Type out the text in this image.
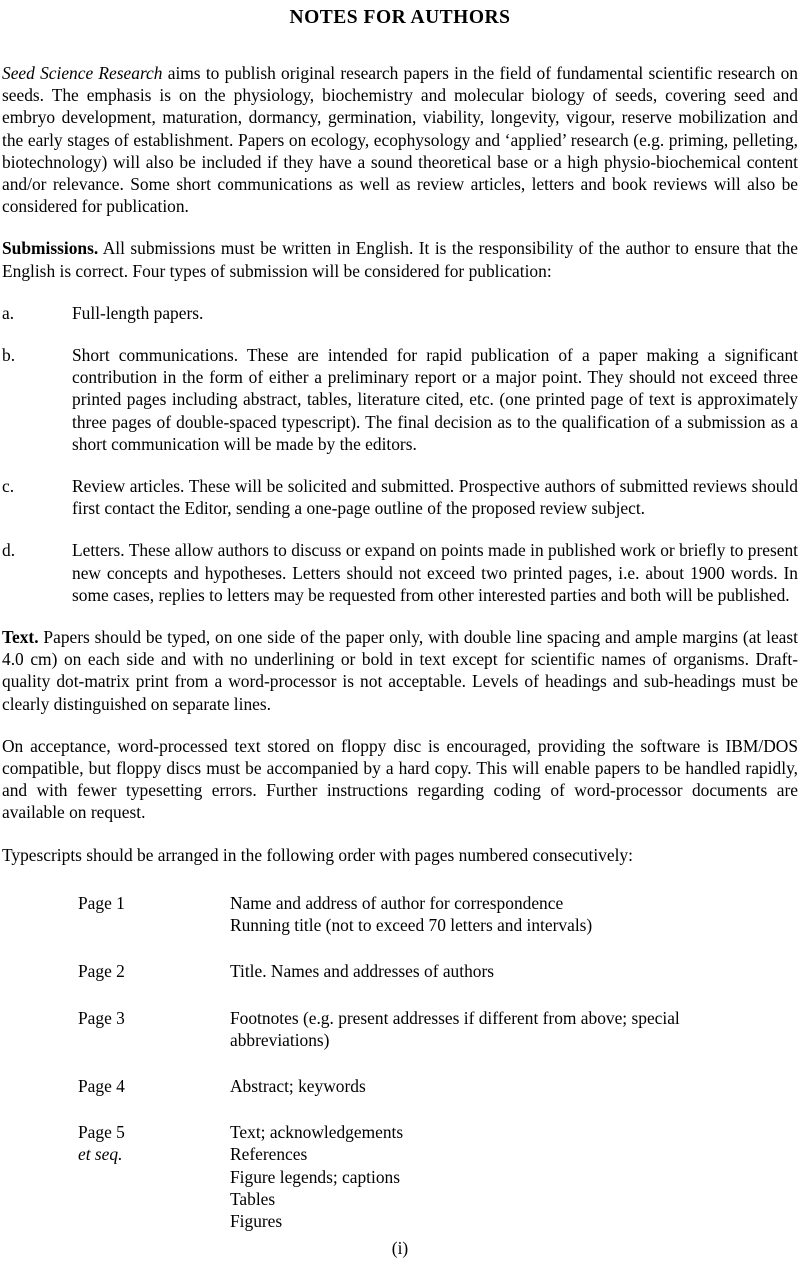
NOTES FOR AUTHORS

Seed Science Research aims to publish original research papers in the field of fundamental scientific research on seeds. The emphasis is on the physiology, biochemistry and molecular biology of seeds, covering seed and embryo development, maturation, dormancy, germination, viability, longevity, vigour, reserve mobilization and the early stages of establishment. Papers on ecology, ecophysology and ‘applied’ research (e.g. priming, pelleting, biotechnology) will also be included if they have a sound theoretical base or a high physio-biochemical content and/or relevance. Some short communications as well as review articles, letters and book reviews will also be considered for publication.

Submissions. All submissions must be written in English. It is the responsibility of the author to ensure that the English is correct. Four types of submission will be considered for publication:

a.	Full-length papers.
b.	Short communications. These are intended for rapid publication of a paper making a significant contribution in the form of either a preliminary report or a major point. They should not exceed three printed pages including abstract, tables, literature cited, etc. (one printed page of text is approximately three pages of double-spaced typescript). The final decision as to the qualification of a submission as a short communication will be made by the editors.
c.	Review articles. These will be solicited and submitted. Prospective authors of submitted reviews should first contact the Editor, sending a one-page outline of the proposed review subject.
d.	Letters. These allow authors to discuss or expand on points made in published work or briefly to present new concepts and hypotheses. Letters should not exceed two printed pages, i.e. about 1900 words. In some cases, replies to letters may be requested from other interested parties and both will be published.

Text. Papers should be typed, on one side of the paper only, with double line spacing and ample margins (at least 4.0 cm) on each side and with no underlining or bold in text except for scientific names of organisms. Draft-quality dot-matrix print from a word-processor is not acceptable. Levels of headings and sub-headings must be clearly distinguished on separate lines.

On acceptance, word-processed text stored on floppy disc is encouraged, providing the software is IBM/DOS compatible, but floppy discs must be accompanied by a hard copy. This will enable papers to be handled rapidly, and with fewer typesetting errors. Further instructions regarding coding of word-processor documents are available on request.

Typescripts should be arranged in the following order with pages numbered consecutively:

Page 1	Name and address of author for correspondence
Running title (not to exceed 70 letters and intervals)

Page 2	Title. Names and addresses of authors

Page 3	Footnotes (e.g. present addresses if different from above; special abbreviations)

Page 4	Abstract; keywords

Page 5
et seq.	Text; acknowledgements
References
Figure legends; captions
Tables
Figures
(i)
